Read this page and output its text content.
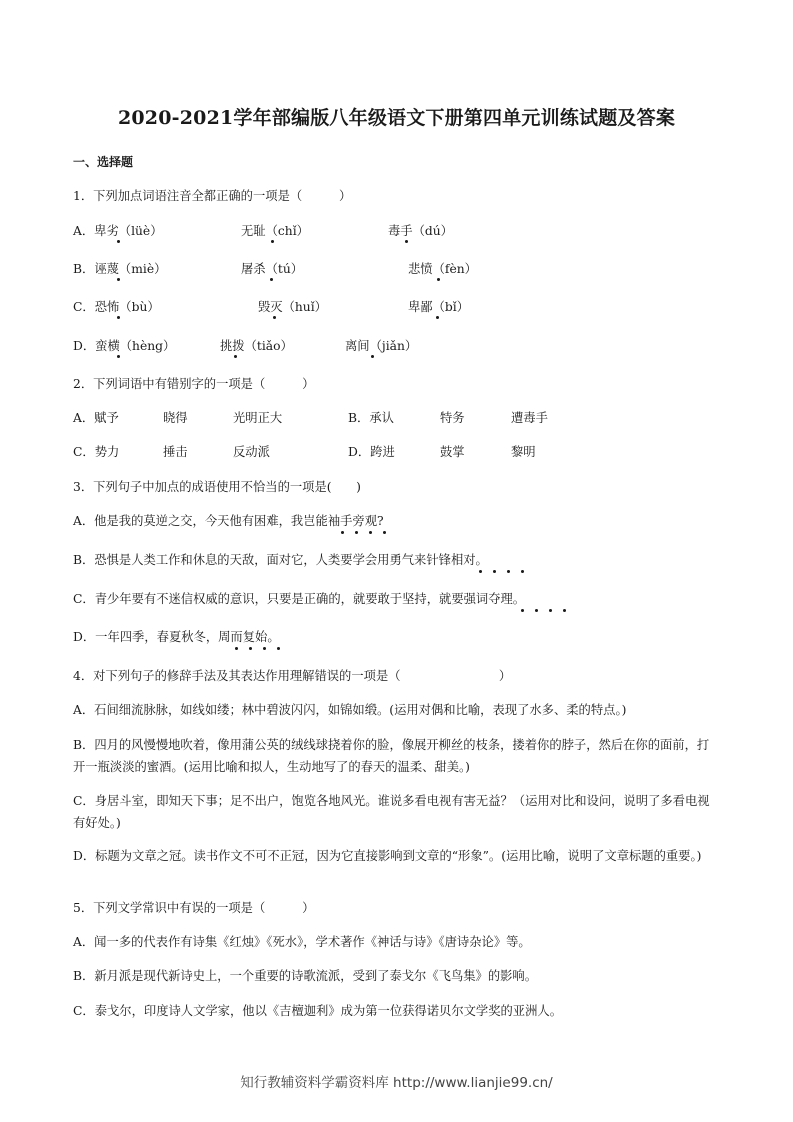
2020-2021学年部编版八年级语文下册第四单元训练试题及答案
一、选择题
1．下列加点词语注音全都正确的一项是（　　　）
A．卑劣（lüè）	无耻（chǐ）	毒手（dú）
B．诬蔑（miè）	屠杀（tú）	悲愤（fèn）
C．恐怖（bù）	毁灭（huǐ）	卑鄙（bǐ）
D．蛮横（hèng）	挑拨（tiǎo）	离间（jiǎn）
2．下列词语中有错别字的一项是（　　　）
A．赋予	晓得	光明正大	B．承认	特务	遭毒手
C．势力	捶击	反动派	D．跨进	鼓掌	黎明
3．下列句子中加点的成语使用不恰当的一项是(　　)
A．他是我的莫逆之交，今天他有困难，我岂能袖手旁观?
B．恐惧是人类工作和休息的天敌，面对它，人类要学会用勇气来针锋相对。
C．青少年要有不迷信权威的意识，只要是正确的，就要敢于坚持，就要强词夺理。
D．一年四季，春夏秋冬，周而复始。
4．对下列句子的修辞手法及其表达作用理解错误的一项是（　　　　　　　　）
A．石间细流脉脉，如线如缕；林中碧波闪闪，如锦如缎。(运用对偶和比喻，表现了水多、柔的特点。)
B．四月的风慢慢地吹着，像用蒲公英的绒线球挠着你的脸，像展开柳丝的枝条，搂着你的脖子，然后在你的面前，打开一瓶淡淡的蜜酒。(运用比喻和拟人，生动地写了的春天的温柔、甜美。)
C．身居斗室，即知天下事；足不出户，饱览各地风光。谁说多看电视有害无益？（运用对比和设问，说明了多看电视有好处。)
D．标题为文章之冠。读书作文不可不正冠，因为它直接影响到文章的“形象”。(运用比喻，说明了文章标题的重要。)
5．下列文学常识中有误的一项是（　　　）
A．闻一多的代表作有诗集《红烛》《死水》，学术著作《神话与诗》《唐诗杂论》等。
B．新月派是现代新诗史上，一个重要的诗歌流派，受到了泰戈尔《飞鸟集》的影响。
C．泰戈尔，印度诗人文学家，他以《吉檀迦利》成为第一位获得诺贝尔文学奖的亚洲人。
知行教辅资料学霸资料库 http://www.lianjie99.cn/
